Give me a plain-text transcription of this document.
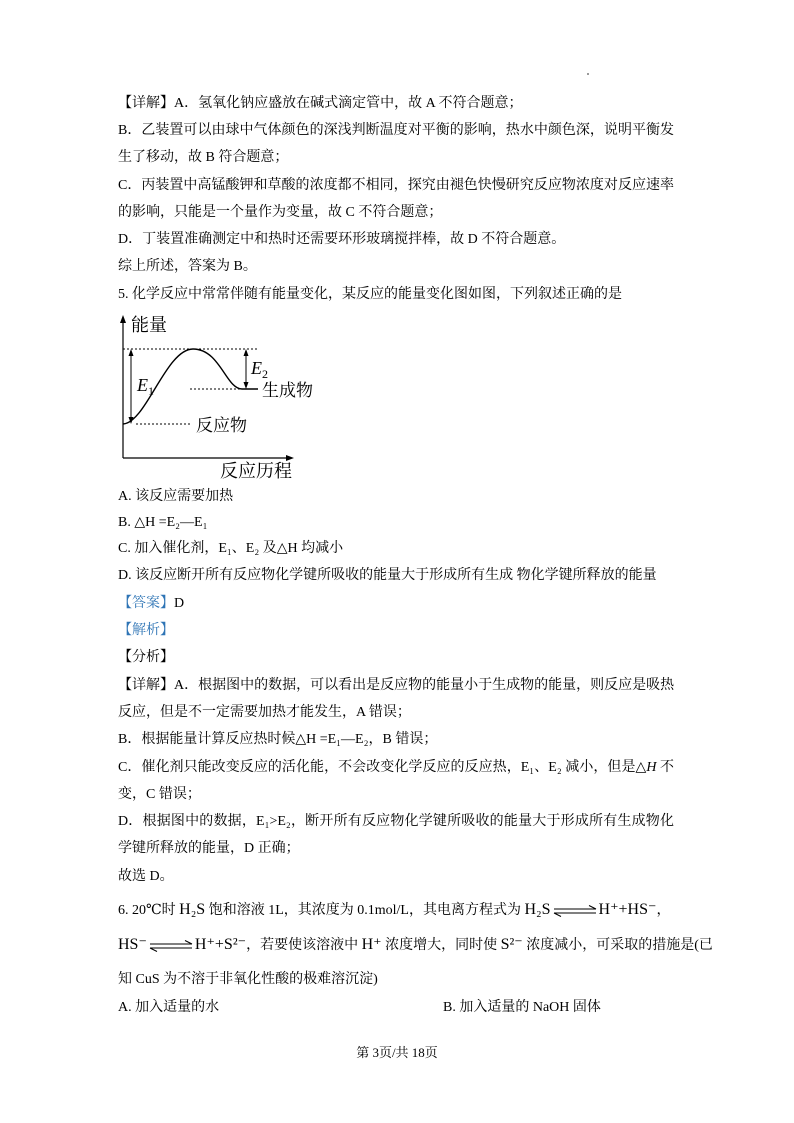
【详解】A．氢氧化钠应盛放在碱式滴定管中，故 A 不符合题意；
B．乙装置可以由球中气体颜色的深浅判断温度对平衡的影响，热水中颜色深，说明平衡发
生了移动，故 B 符合题意；
C．丙装置中高锰酸钾和草酸的浓度都不相同，探究由褪色快慢研究反应物浓度对反应速率
的影响，只能是一个量作为变量，故 C 不符合题意；
D．丁装置准确测定中和热时还需要环形玻璃搅拌棒，故 D 不符合题意。
综上所述，答案为 B。
5. 化学反应中常常伴随有能量变化，某反应的能量变化图如图，下列叙述正确的是
能量
反应历程
$E_1$
$E_2$
生成物
反应物
A. 该反应需要加热
B. △H =E₂—E₁
C. 加入催化剂，E₁、E₂ 及△H 均减小
D. 该反应断开所有反应物化学键所吸收的能量大于形成所有生成 物化学键所释放的能量
【答案】D
【解析】
【分析】
【详解】A．根据图中的数据，可以看出是反应物的能量小于生成物的能量，则反应是吸热
反应，但是不一定需要加热才能发生，A 错误；
B．根据能量计算反应热时候△H =E₁—E₂，B 错误；
C．催化剂只能改变反应的活化能，不会改变化学反应的反应热，E₁、E₂ 减小，但是△H 不
变，C 错误；
D．根据图中的数据，E₁>E₂，断开所有反应物化学键所吸收的能量大于形成所有生成物化
学键所释放的能量，D 正确；
故选 D。
6. 20℃时 H₂S 饱和溶液 1L，其浓度为 0.1mol/L，其电离方程式为 H₂S ⇌ H⁺+HS⁻，
HS⁻ ⇌ H⁺+S²⁻，若要使该溶液中 H⁺ 浓度增大，同时使 S²⁻ 浓度减小，可采取的措施是(已
知 CuS 为不溶于非氧化性酸的极难溶沉淀)
A. 加入适量的水	B. 加入适量的 NaOH 固体
第 3页/共 18页
